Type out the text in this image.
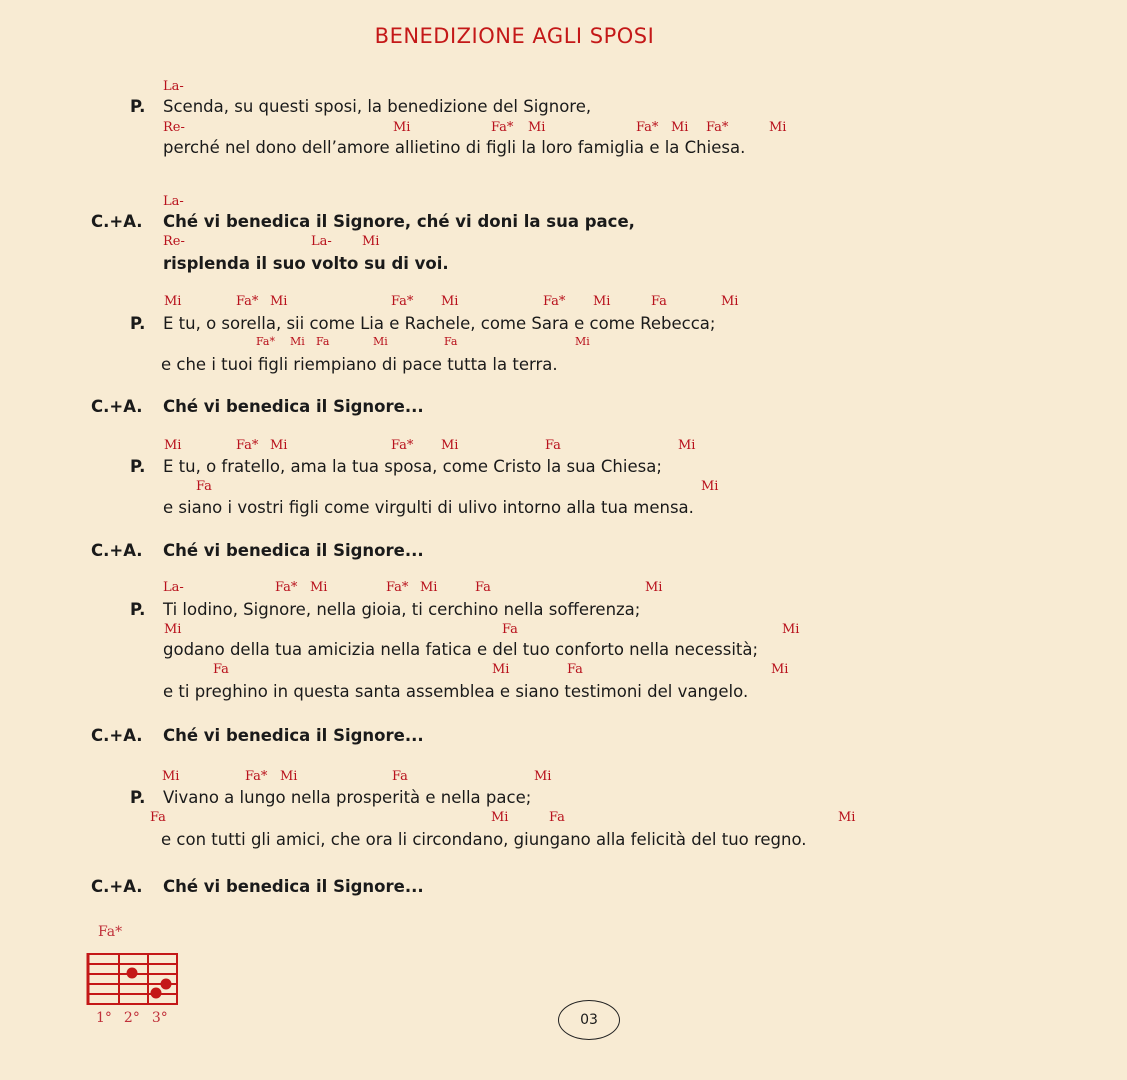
BENEDIZIONE AGLI SPOSI
La-
P. Scenda, su questi sposi, la benedizione del Signore,
Re-	Mi	Fa* Mi	Fa* Mi Fa*	Mi
perché nel dono dell’amore allietino di figli la loro famiglia e la Chiesa.
La-
C.+A. Ché vi benedica il Signore, ché vi doni la sua pace,
Re-	La- Mi
risplenda il suo volto su di voi.
Mi	Fa* Mi	Fa* Mi	Fa* Mi	Fa	Mi
P. E tu, o sorella, sii come Lia e Rachele, come Sara e come Rebecca;
Fa* Mi Fa	Mi	Fa	Mi
e che i tuoi figli riempiano di pace tutta la terra.
C.+A. Ché vi benedica il Signore...
Mi	Fa* Mi	Fa* Mi	Fa	Mi
P. E tu, o fratello, ama la tua sposa, come Cristo la sua Chiesa;
Fa	Mi
e siano i vostri figli come virgulti di ulivo intorno alla tua mensa.
C.+A. Ché vi benedica il Signore...
La-	Fa* Mi	Fa* Mi	Fa	Mi
P. Ti lodino, Signore, nella gioia, ti cerchino nella sofferenza;
Mi	Fa	Mi
godano della tua amicizia nella fatica e del tuo conforto nella necessità;
Fa	Mi	Fa	Mi
e ti preghino in questa santa assemblea e siano testimoni del vangelo.
C.+A. Ché vi benedica il Signore...
Mi	Fa* Mi	Fa	Mi
P. Vivano a lungo nella prosperità e nella pace;
Fa	Mi	Fa	Mi
e con tutti gli amici, che ora li circondano, giungano alla felicità del tuo regno.
C.+A. Ché vi benedica il Signore...
Fa*
1° 2° 3°	03
